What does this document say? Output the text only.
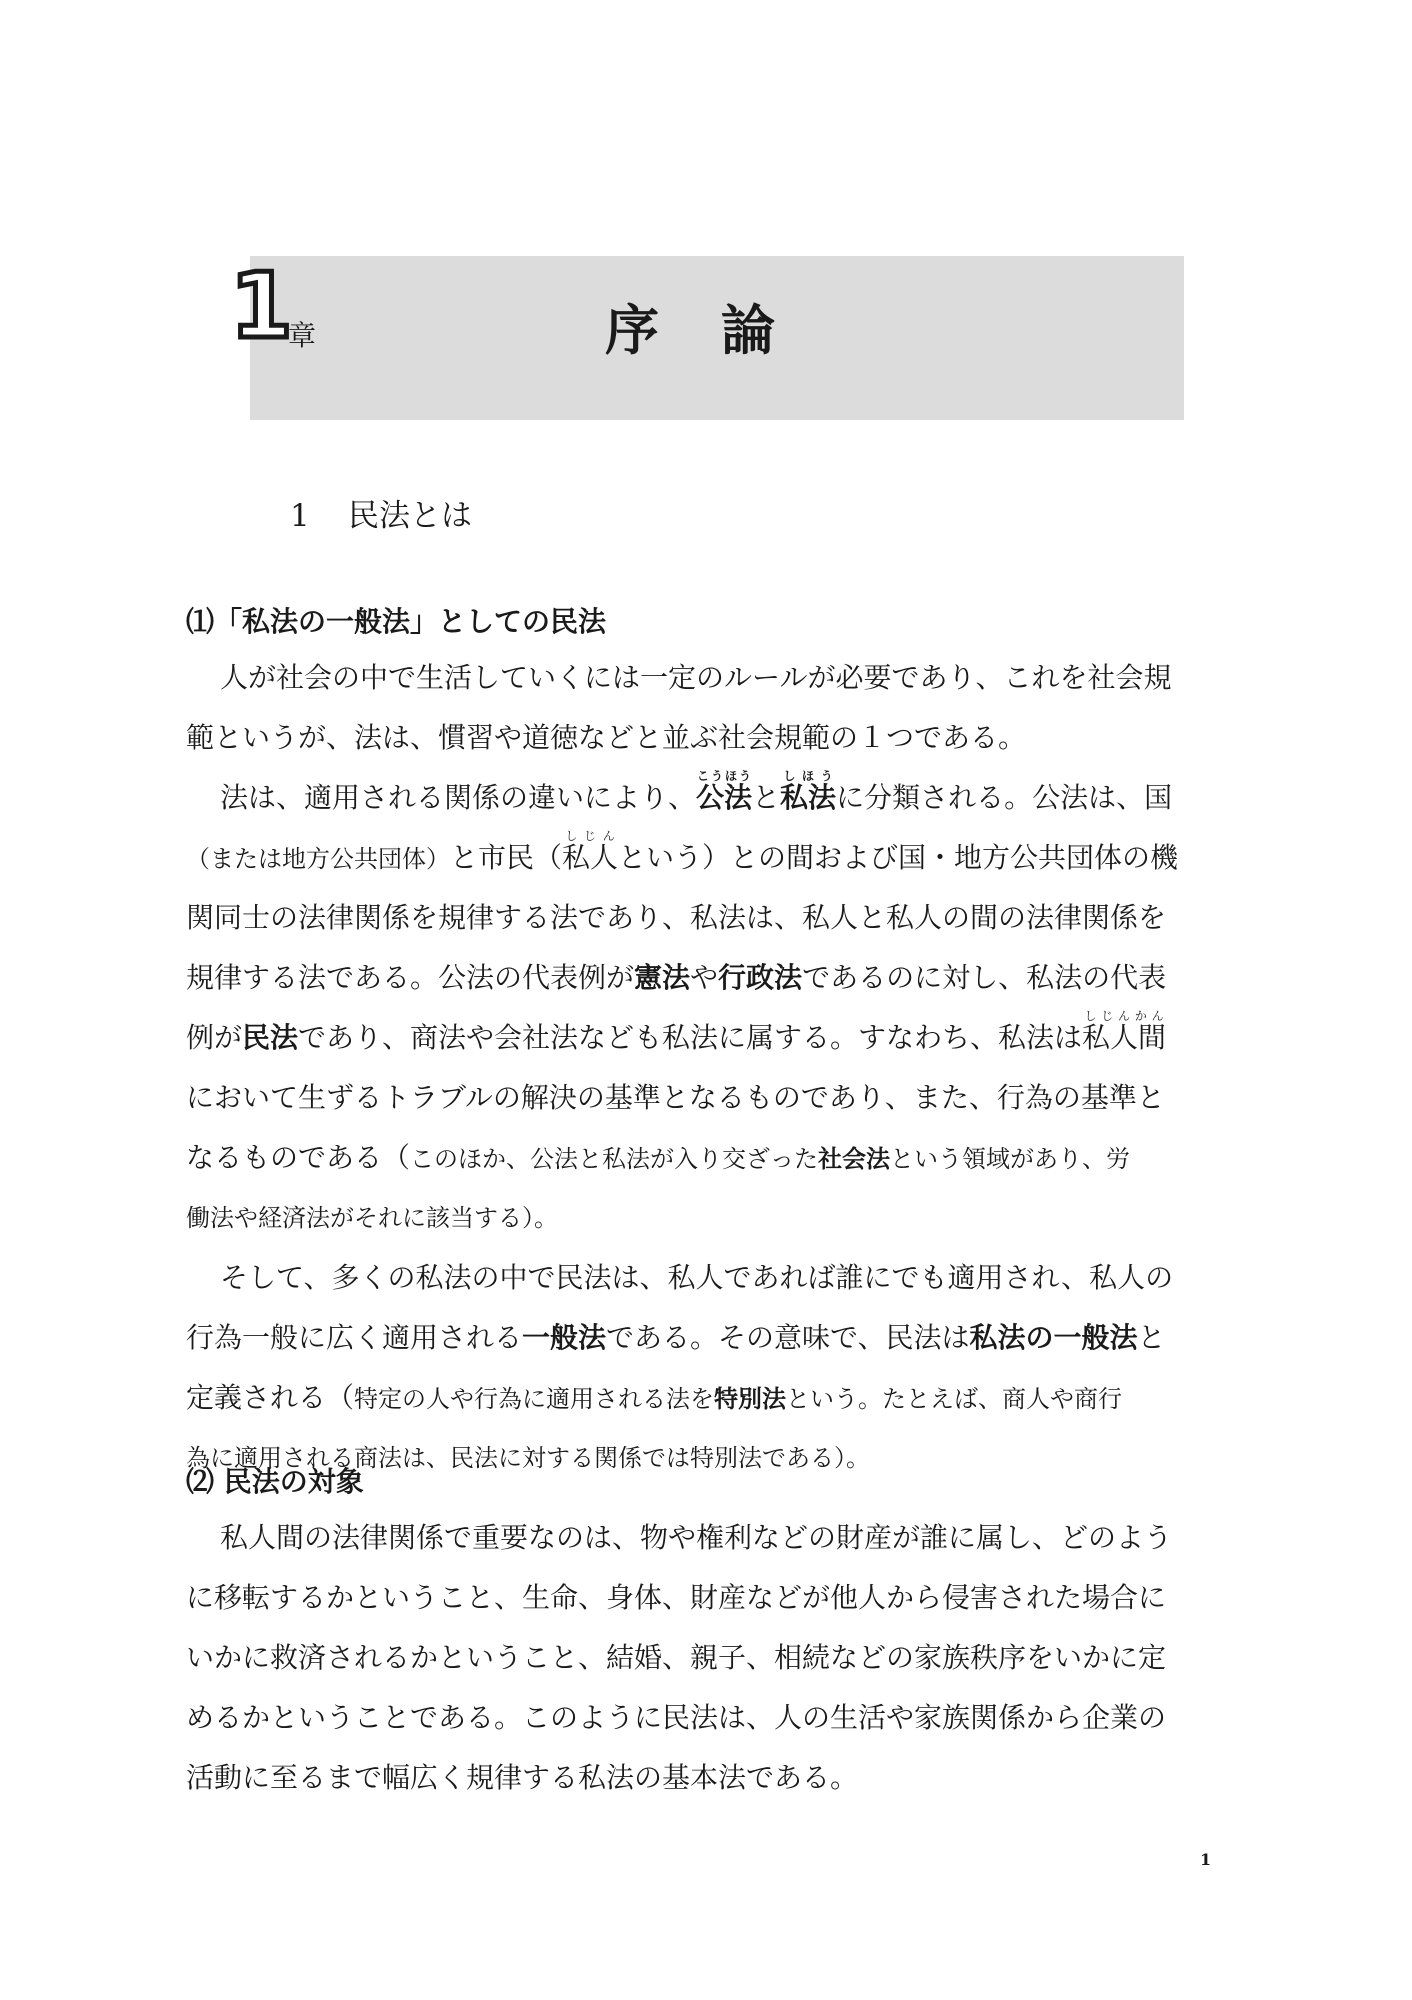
1
章	序論
1 民法とは
⑴「私法の一般法」としての民法
人が社会の中で生活していくには一定のルールが必要であり、これを社会規
範というが、法は、慣習や道徳などと並ぶ社会規範の１つである。
法は、適用される関係の違いにより、公法こうほうと私法しほうに分類される。公法は、国
（または地方公共団体）と市民（私人しじんという）との間および国・地方公共団体の機
関同士の法律関係を規律する法であり、私法は、私人と私人の間の法律関係を
規律する法である。公法の代表例が憲法や行政法であるのに対し、私法の代表
例が民法であり、商法や会社法なども私法に属する。すなわち、私法は私人間しじんかん
において生ずるトラブルの解決の基準となるものであり、また、行為の基準と
なるものである（このほか、公法と私法が入り交ざった社会法という領域があり、労
働法や経済法がそれに該当する）。
そして、多くの私法の中で民法は、私人であれば誰にでも適用され、私人の
行為一般に広く適用される一般法である。その意味で、民法は私法の一般法と
定義される（特定の人や行為に適用される法を特別法という。たとえば、商人や商行
為に適用される商法は、民法に対する関係では特別法である）。
⑵ 民法の対象
私人間の法律関係で重要なのは、物や権利などの財産が誰に属し、どのよう
に移転するかということ、生命、身体、財産などが他人から侵害された場合に
いかに救済されるかということ、結婚、親子、相続などの家族秩序をいかに定
めるかということである。このように民法は、人の生活や家族関係から企業の
活動に至るまで幅広く規律する私法の基本法である。
1
